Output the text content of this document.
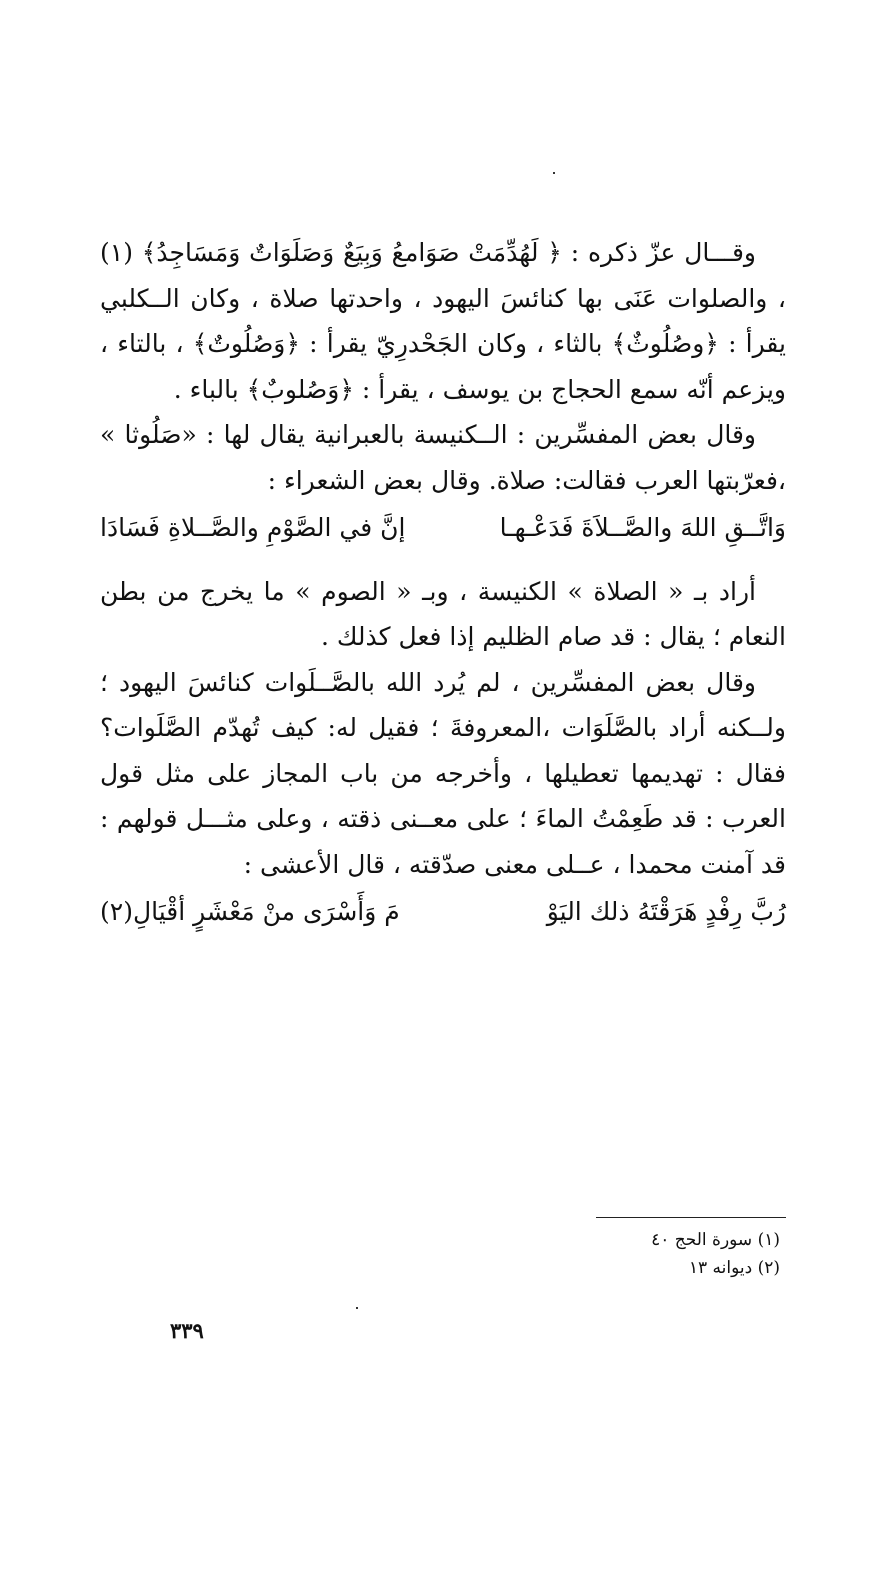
وقـــال عزّ ذكره : ﴿ لَهُدِّمَتْ صَوَامعُ وَبِيَعٌ وَصَلَوَاتٌ وَمَسَاجِدُ﴾ (١) ، والصلوات عَنَى بها كنائسَ اليهود ، واحدتها صلاة ، وكان الــكلبي يقرأ : ﴿وصُلُوثٌ﴾ بالثاء ، وكان الجَحْدرِيّ يقرأ : ﴿وَصُلُوتٌ﴾ ، بالتاء ، ويزعم أنّه سمع الحجاج بن يوسف ، يقرأ : ﴿وَصُلوبٌ﴾ بالباء .

وقال بعض المفسِّرين : الــكنيسة بالعبرانية يقال لها : «صَلُوثا » ،فعرّبتها العرب فقالت: صلاة. وقال بعض الشعراء :

وَاتَّــقِ اللهَ والصَّــلاَةَ فَدَعْـهـا
إنَّ في الصَّوْمِ والصَّــلاةِ فَسَادَا

أراد بـ « الصلاة » الكنيسة ، وبـ « الصوم » ما يخرج من بطن النعام ؛ يقال : قد صام الظليم إذا فعل كذلك .

وقال بعض المفسِّرين ، لم يُرد الله بالصَّــلَوات كنائسَ اليهود ؛ ولــكنه أراد بالصَّلَوَات ،المعروفةَ ؛ فقيل له: كيف تُهدّم الصَّلَوات؟ فقال : تهديمها تعطيلها ، وأخرجه من باب المجاز على مثل قول العرب : قد طَعِمْتُ الماءَ ؛ على معــنى ذقته ، وعلى مثـــل قولهم : قد آمنت محمدا ، عــلى معنى صدّقته ، قال الأعشى :

رُبَّ رِفْدٍ هَرَقْتَهُ ذلك اليَوْ
مَ وَأَسْرَى منْ مَعْشَرٍ أقْيَالِ(٢)
(١) سورة الحج ٤٠
(٢) ديوانه ١٣
٣٣٩
